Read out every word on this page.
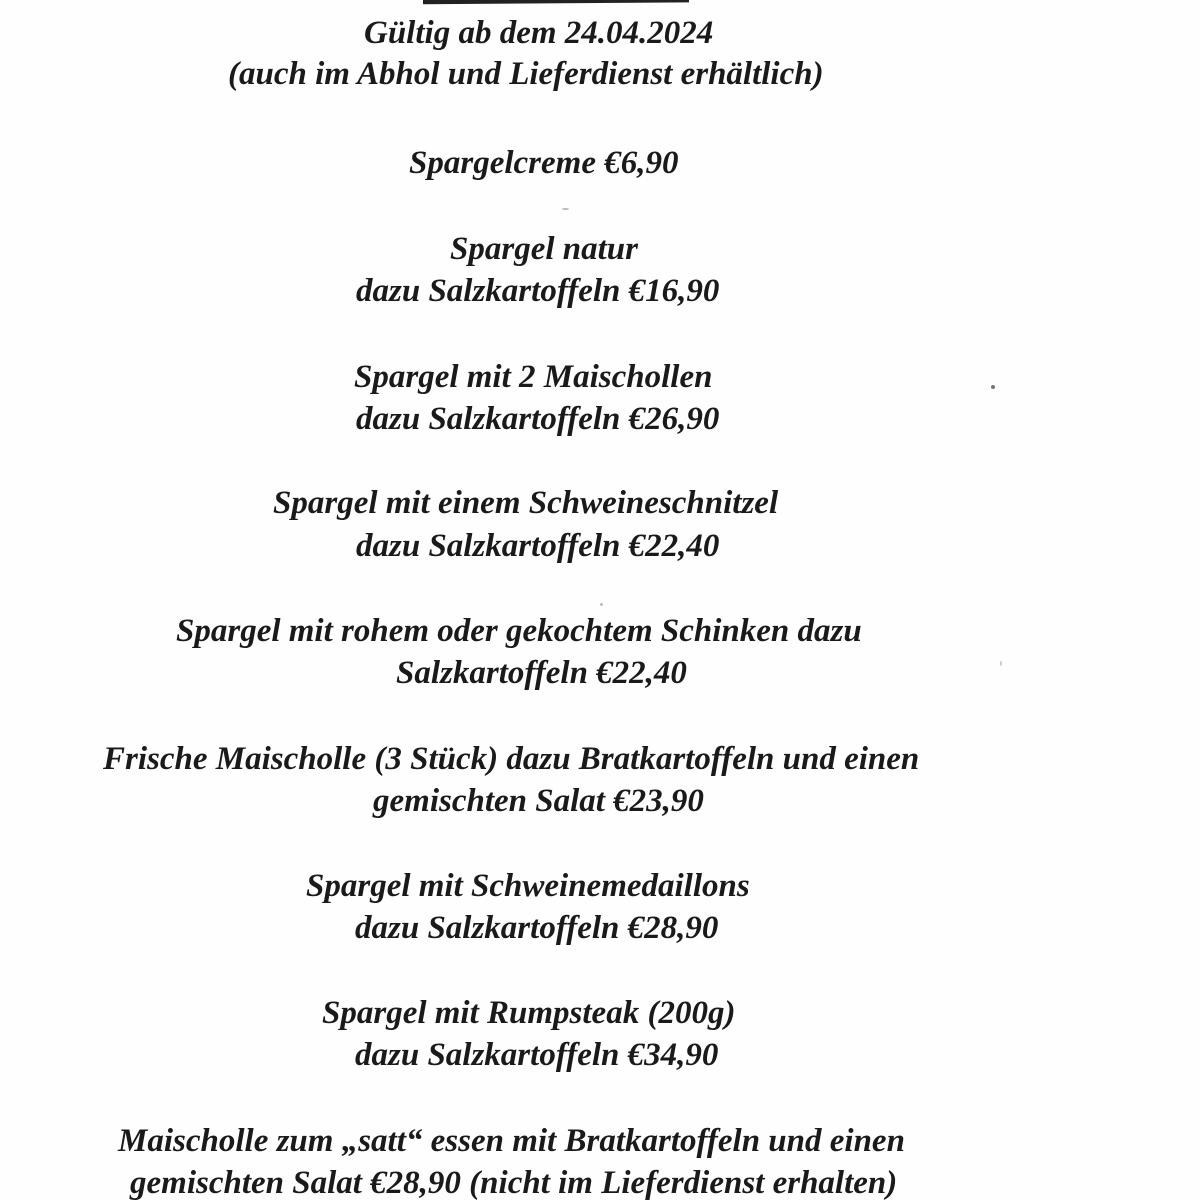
Gültig ab dem 24.04.2024
(auch im Abhol und Lieferdienst erhältlich)
Spargelcreme €6,90
Spargel natur
dazu Salzkartoffeln €16,90
Spargel mit 2 Maischollen
dazu Salzkartoffeln €26,90
Spargel mit einem Schweineschnitzel
dazu Salzkartoffeln €22,40
Spargel mit rohem oder gekochtem Schinken dazu
Salzkartoffeln €22,40
Frische Maischolle (3 Stück) dazu Bratkartoffeln und einen
gemischten Salat €23,90
Spargel mit Schweinemedaillons
dazu Salzkartoffeln €28,90
Spargel mit Rumpsteak (200g)
dazu Salzkartoffeln €34,90
Maischolle zum „satt“ essen mit Bratkartoffeln und einen
gemischten Salat €28,90 (nicht im Lieferdienst erhalten)
